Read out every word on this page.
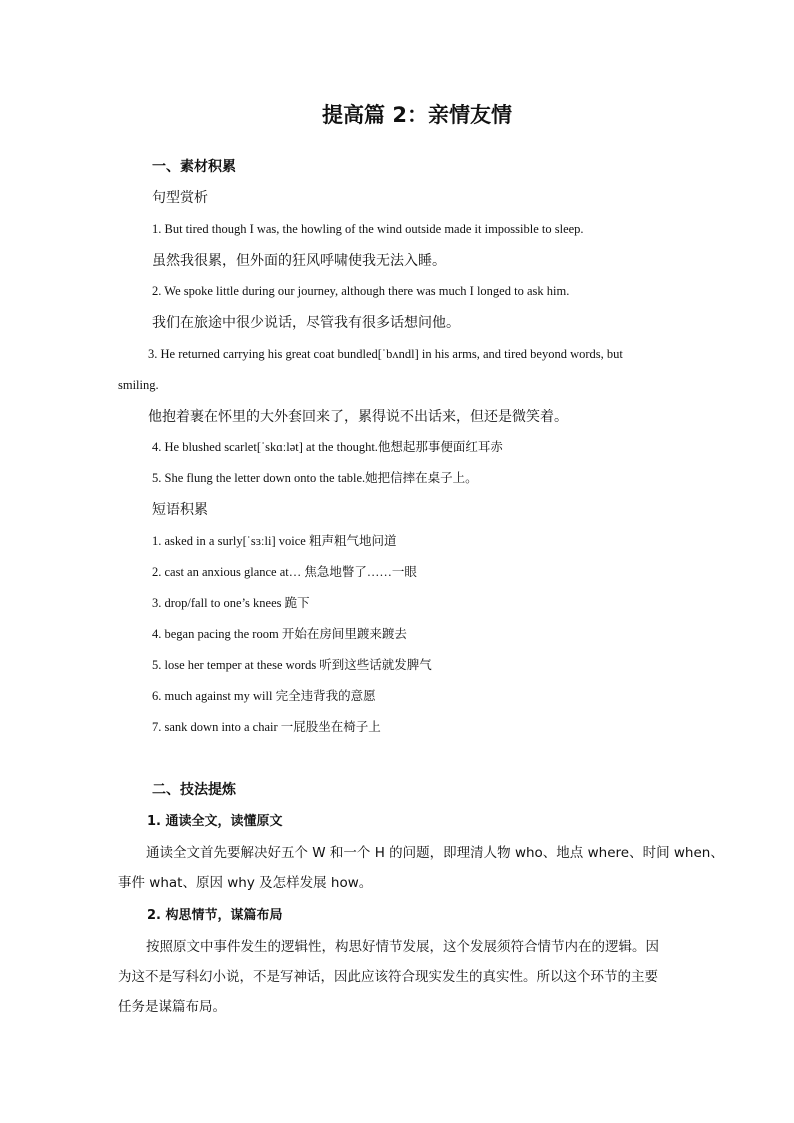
提高篇 2：亲情友情
一、素材积累
句型赏析
1. But tired though I was, the howling of the wind outside made it impossible to sleep.
虽然我很累，但外面的狂风呼啸使我无法入睡。
2. We spoke little during our journey, although there was much I longed to ask him.
我们在旅途中很少说话，尽管我有很多话想问他。
3. He returned carrying his great coat bundled[ˈbʌndl] in his arms, and tired beyond words, but
smiling.
他抱着裹在怀里的大外套回来了，累得说不出话来，但还是微笑着。
4. He blushed scarlet[ˈskɑːlət] at the thought.他想起那事便面红耳赤
5. She flung the letter down onto the table.她把信摔在桌子上。
短语积累
1. asked in a surly[ˈsɜːli] voice 粗声粗气地问道
2. cast an anxious glance at… 焦急地瞥了……一眼
3. drop/fall to one’s knees 跪下
4. began pacing the room 开始在房间里踱来踱去
5. lose her temper at these words 听到这些话就发脾气
6. much against my will 完全违背我的意愿
7. sank down into a chair 一屁股坐在椅子上
二、技法提炼
1. 通读全文，读懂原文
通读全文首先要解决好五个 W 和一个 H 的问题，即理清人物 who、地点 where、时间 when、
事件 what、原因 why 及怎样发展 how。
2. 构思情节，谋篇布局
按照原文中事件发生的逻辑性，构思好情节发展，这个发展须符合情节内在的逻辑。因
为这不是写科幻小说，不是写神话，因此应该符合现实发生的真实性。所以这个环节的主要
任务是谋篇布局。
